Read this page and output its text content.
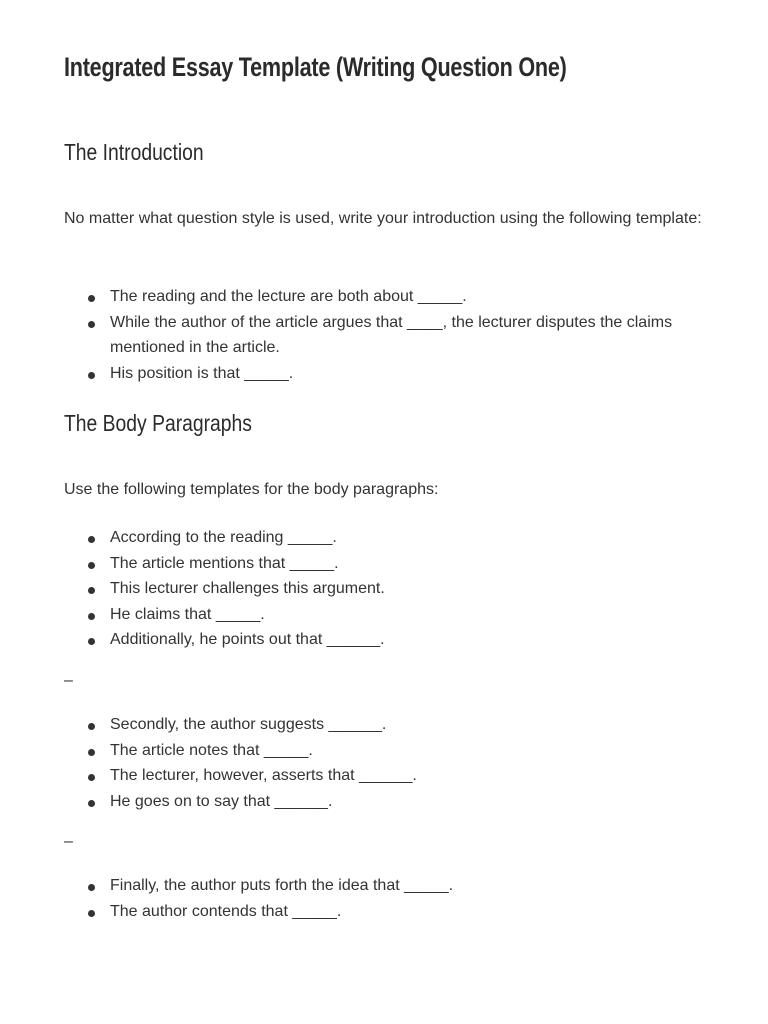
Integrated Essay Template (Writing Question One)
The Introduction

No matter what question style is used, write your introduction using the following template:

The reading and the lecture are both about _____.
While the author of the article argues that ____, the lecturer disputes the claims mentioned in the article.
His position is that _____.
The Body Paragraphs

Use the following templates for the body paragraphs:

According to the reading _____.
The article mentions that _____.
This lecturer challenges this argument.
He claims that _____.
Additionally, he points out that ______.
–
Secondly, the author suggests ______.
The article notes that _____.
The lecturer, however, asserts that ______.
He goes on to say that ______.
–
Finally, the author puts forth the idea that _____.
The author contends that _____.
